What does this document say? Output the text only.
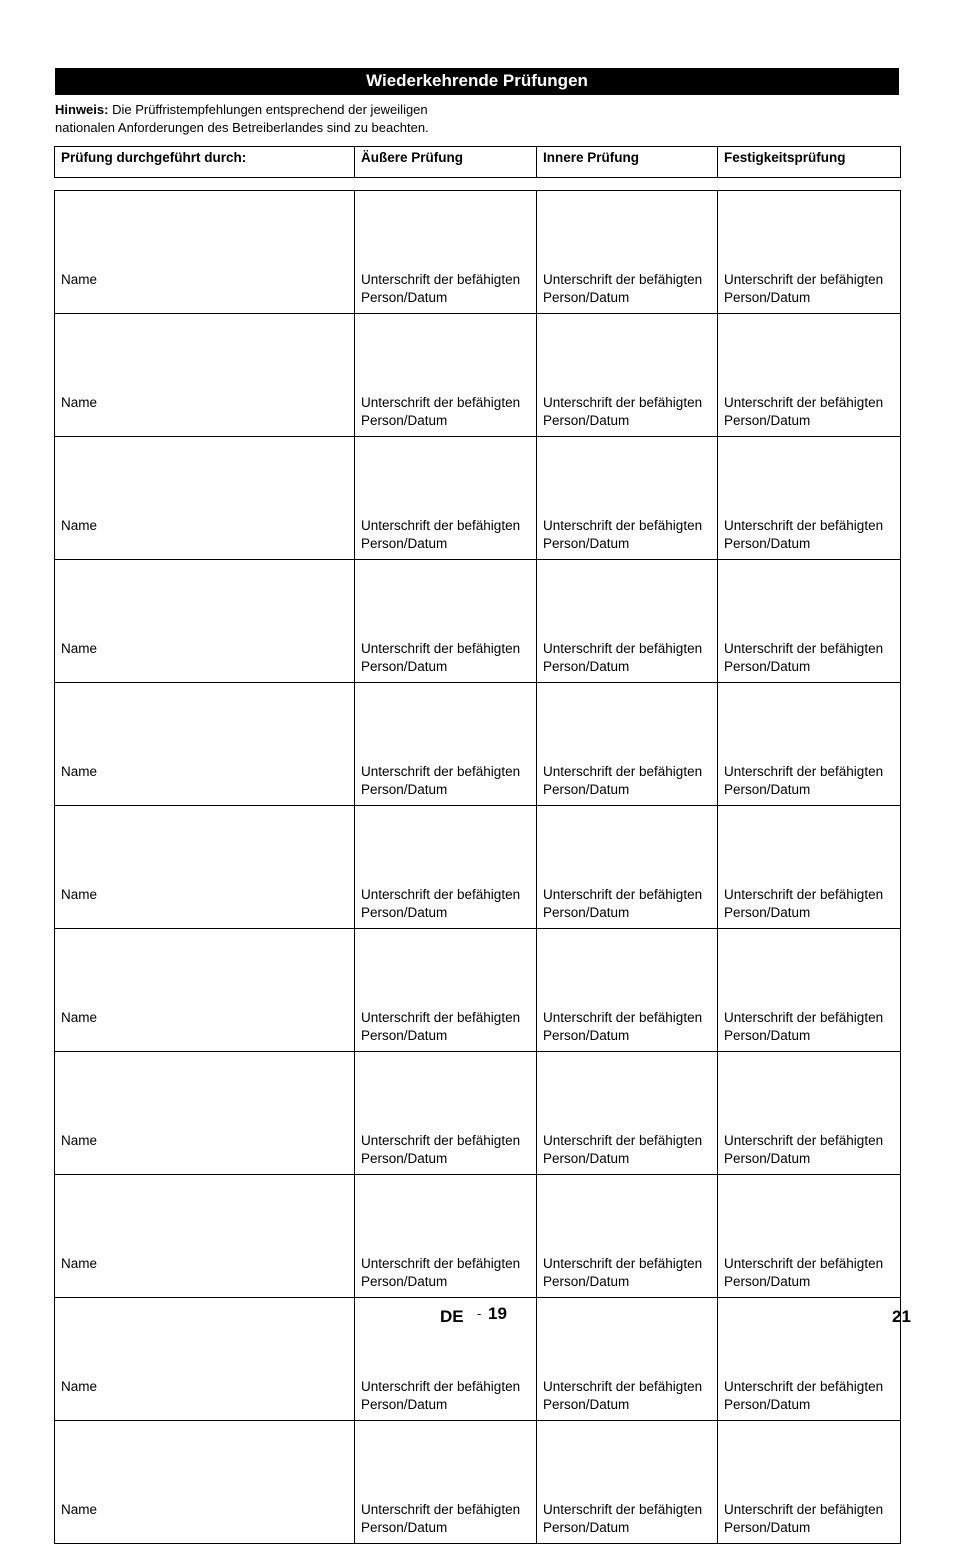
Wiederkehrende Prüfungen
Hinweis: Die Prüffristempfehlungen entsprechend der jeweiligen
nationalen Anforderungen des Betreiberlandes sind zu beachten.
Prüfung durchgeführt durch:	Äußere Prüfung	Innere Prüfung	Festigkeitsprüfung
Name	Unterschrift der befähigten
Person/Datum	Unterschrift der befähigten
Person/Datum	Unterschrift der befähigten
Person/Datum
Name	Unterschrift der befähigten
Person/Datum	Unterschrift der befähigten
Person/Datum	Unterschrift der befähigten
Person/Datum
Name	Unterschrift der befähigten
Person/Datum	Unterschrift der befähigten
Person/Datum	Unterschrift der befähigten
Person/Datum
Name	Unterschrift der befähigten
Person/Datum	Unterschrift der befähigten
Person/Datum	Unterschrift der befähigten
Person/Datum
Name	Unterschrift der befähigten
Person/Datum	Unterschrift der befähigten
Person/Datum	Unterschrift der befähigten
Person/Datum
Name	Unterschrift der befähigten
Person/Datum	Unterschrift der befähigten
Person/Datum	Unterschrift der befähigten
Person/Datum
Name	Unterschrift der befähigten
Person/Datum	Unterschrift der befähigten
Person/Datum	Unterschrift der befähigten
Person/Datum
Name	Unterschrift der befähigten
Person/Datum	Unterschrift der befähigten
Person/Datum	Unterschrift der befähigten
Person/Datum
Name	Unterschrift der befähigten
Person/Datum	Unterschrift der befähigten
Person/Datum	Unterschrift der befähigten
Person/Datum
Name	Unterschrift der befähigten
Person/Datum	Unterschrift der befähigten
Person/Datum	Unterschrift der befähigten
Person/Datum
Name	Unterschrift der befähigten
Person/Datum	Unterschrift der befähigten
Person/Datum	Unterschrift der befähigten
Person/Datum
DE - 19	21
